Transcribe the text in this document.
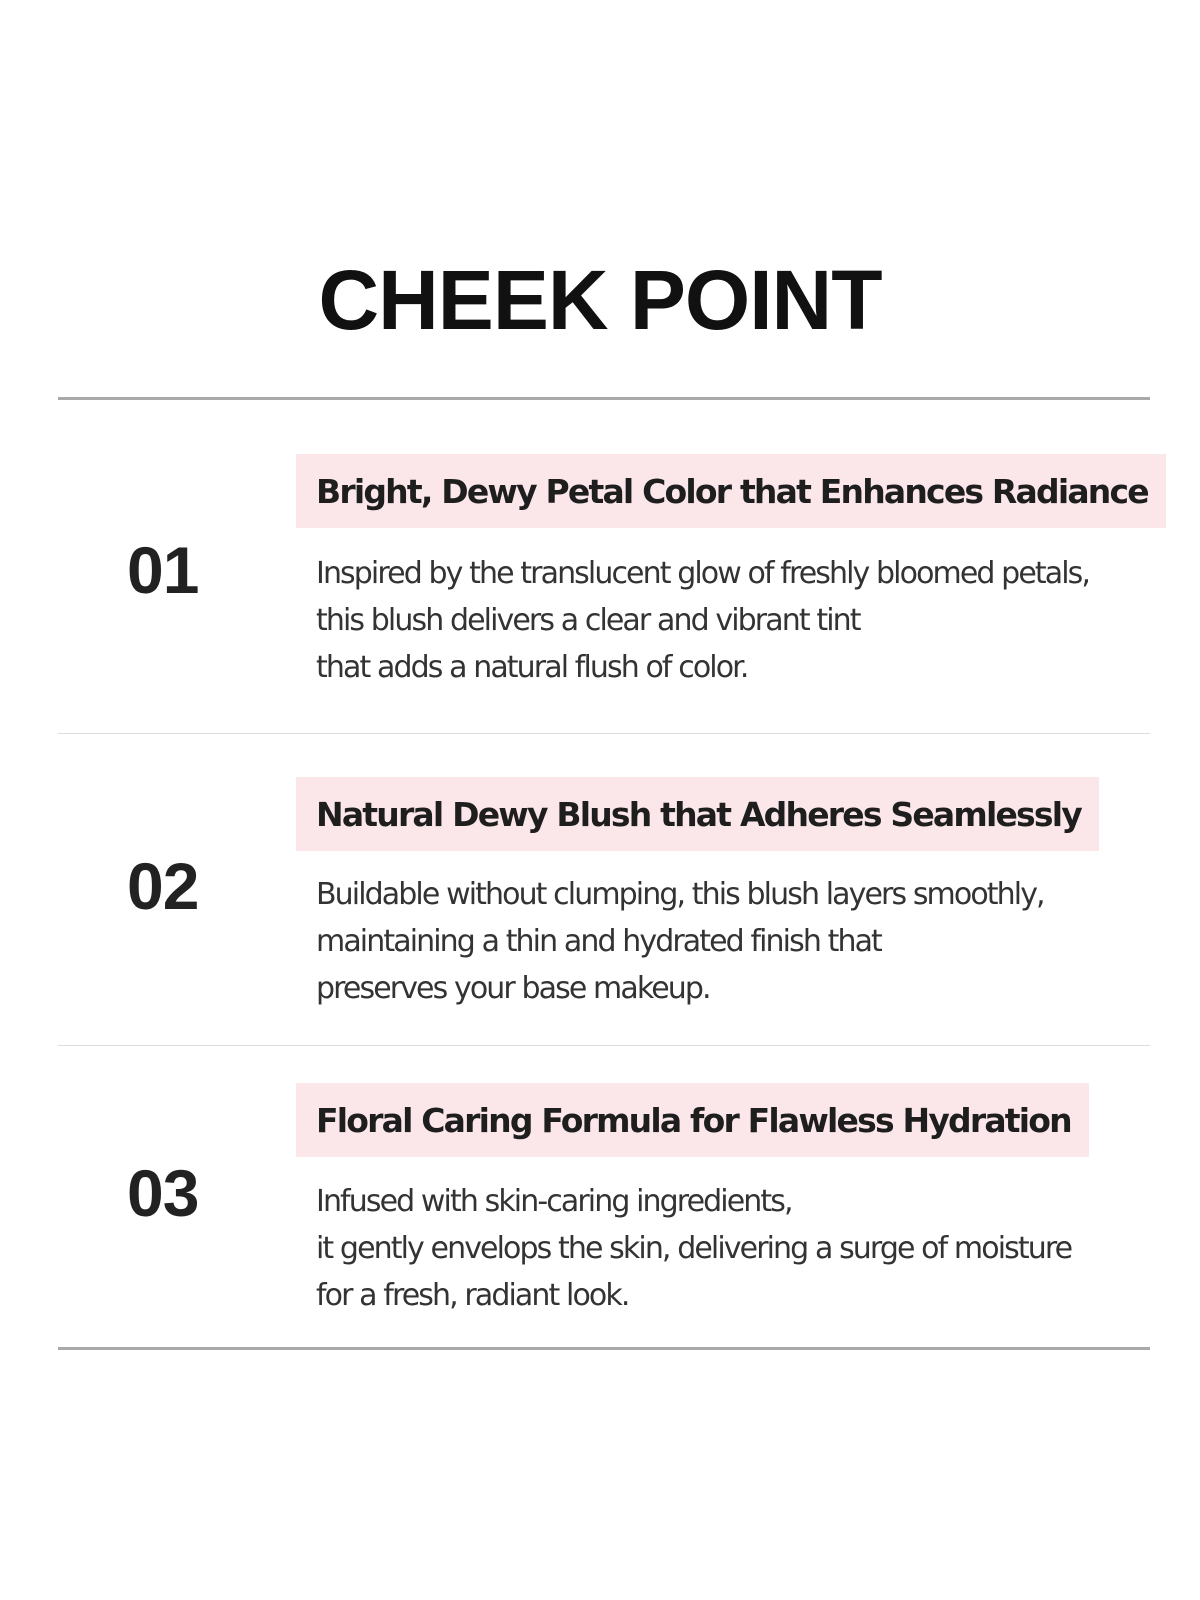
CHEEK POINT
01
Bright, Dewy Petal Color that Enhances Radiance
Inspired by the translucent glow of freshly bloomed petals,
this blush delivers a clear and vibrant tint
that adds a natural flush of color.
02
Natural Dewy Blush that Adheres Seamlessly
Buildable without clumping, this blush layers smoothly,
maintaining a thin and hydrated finish that
preserves your base makeup.
03
Floral Caring Formula for Flawless Hydration
Infused with skin-caring ingredients,
it gently envelops the skin, delivering a surge of moisture
for a fresh, radiant look.
